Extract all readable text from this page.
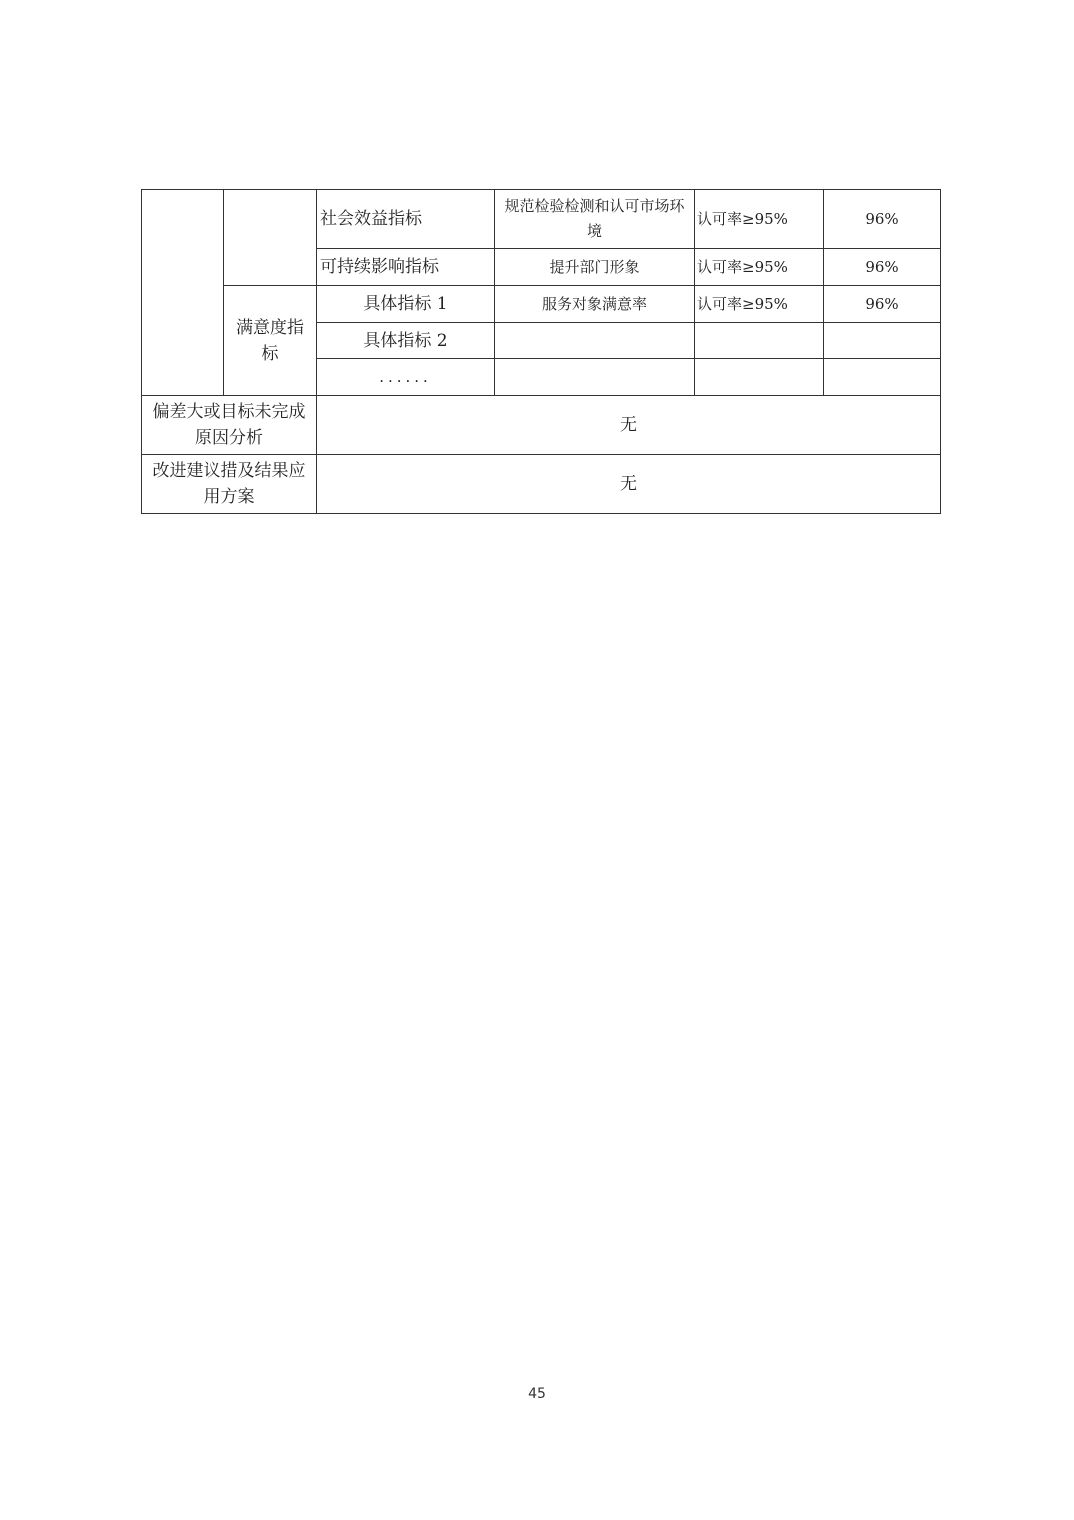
		社会效益指标	规范检验检测和认可市场环境	认可率≥95%	96%
		可持续影响指标	提升部门形象	认可率≥95%	96%
	满意度指标	具体指标 1	服务对象满意率	认可率≥95%	96%
		具体指标 2			
		......			
偏差大或目标未完成原因分析		无			
改进建议措及结果应用方案		无			
45
